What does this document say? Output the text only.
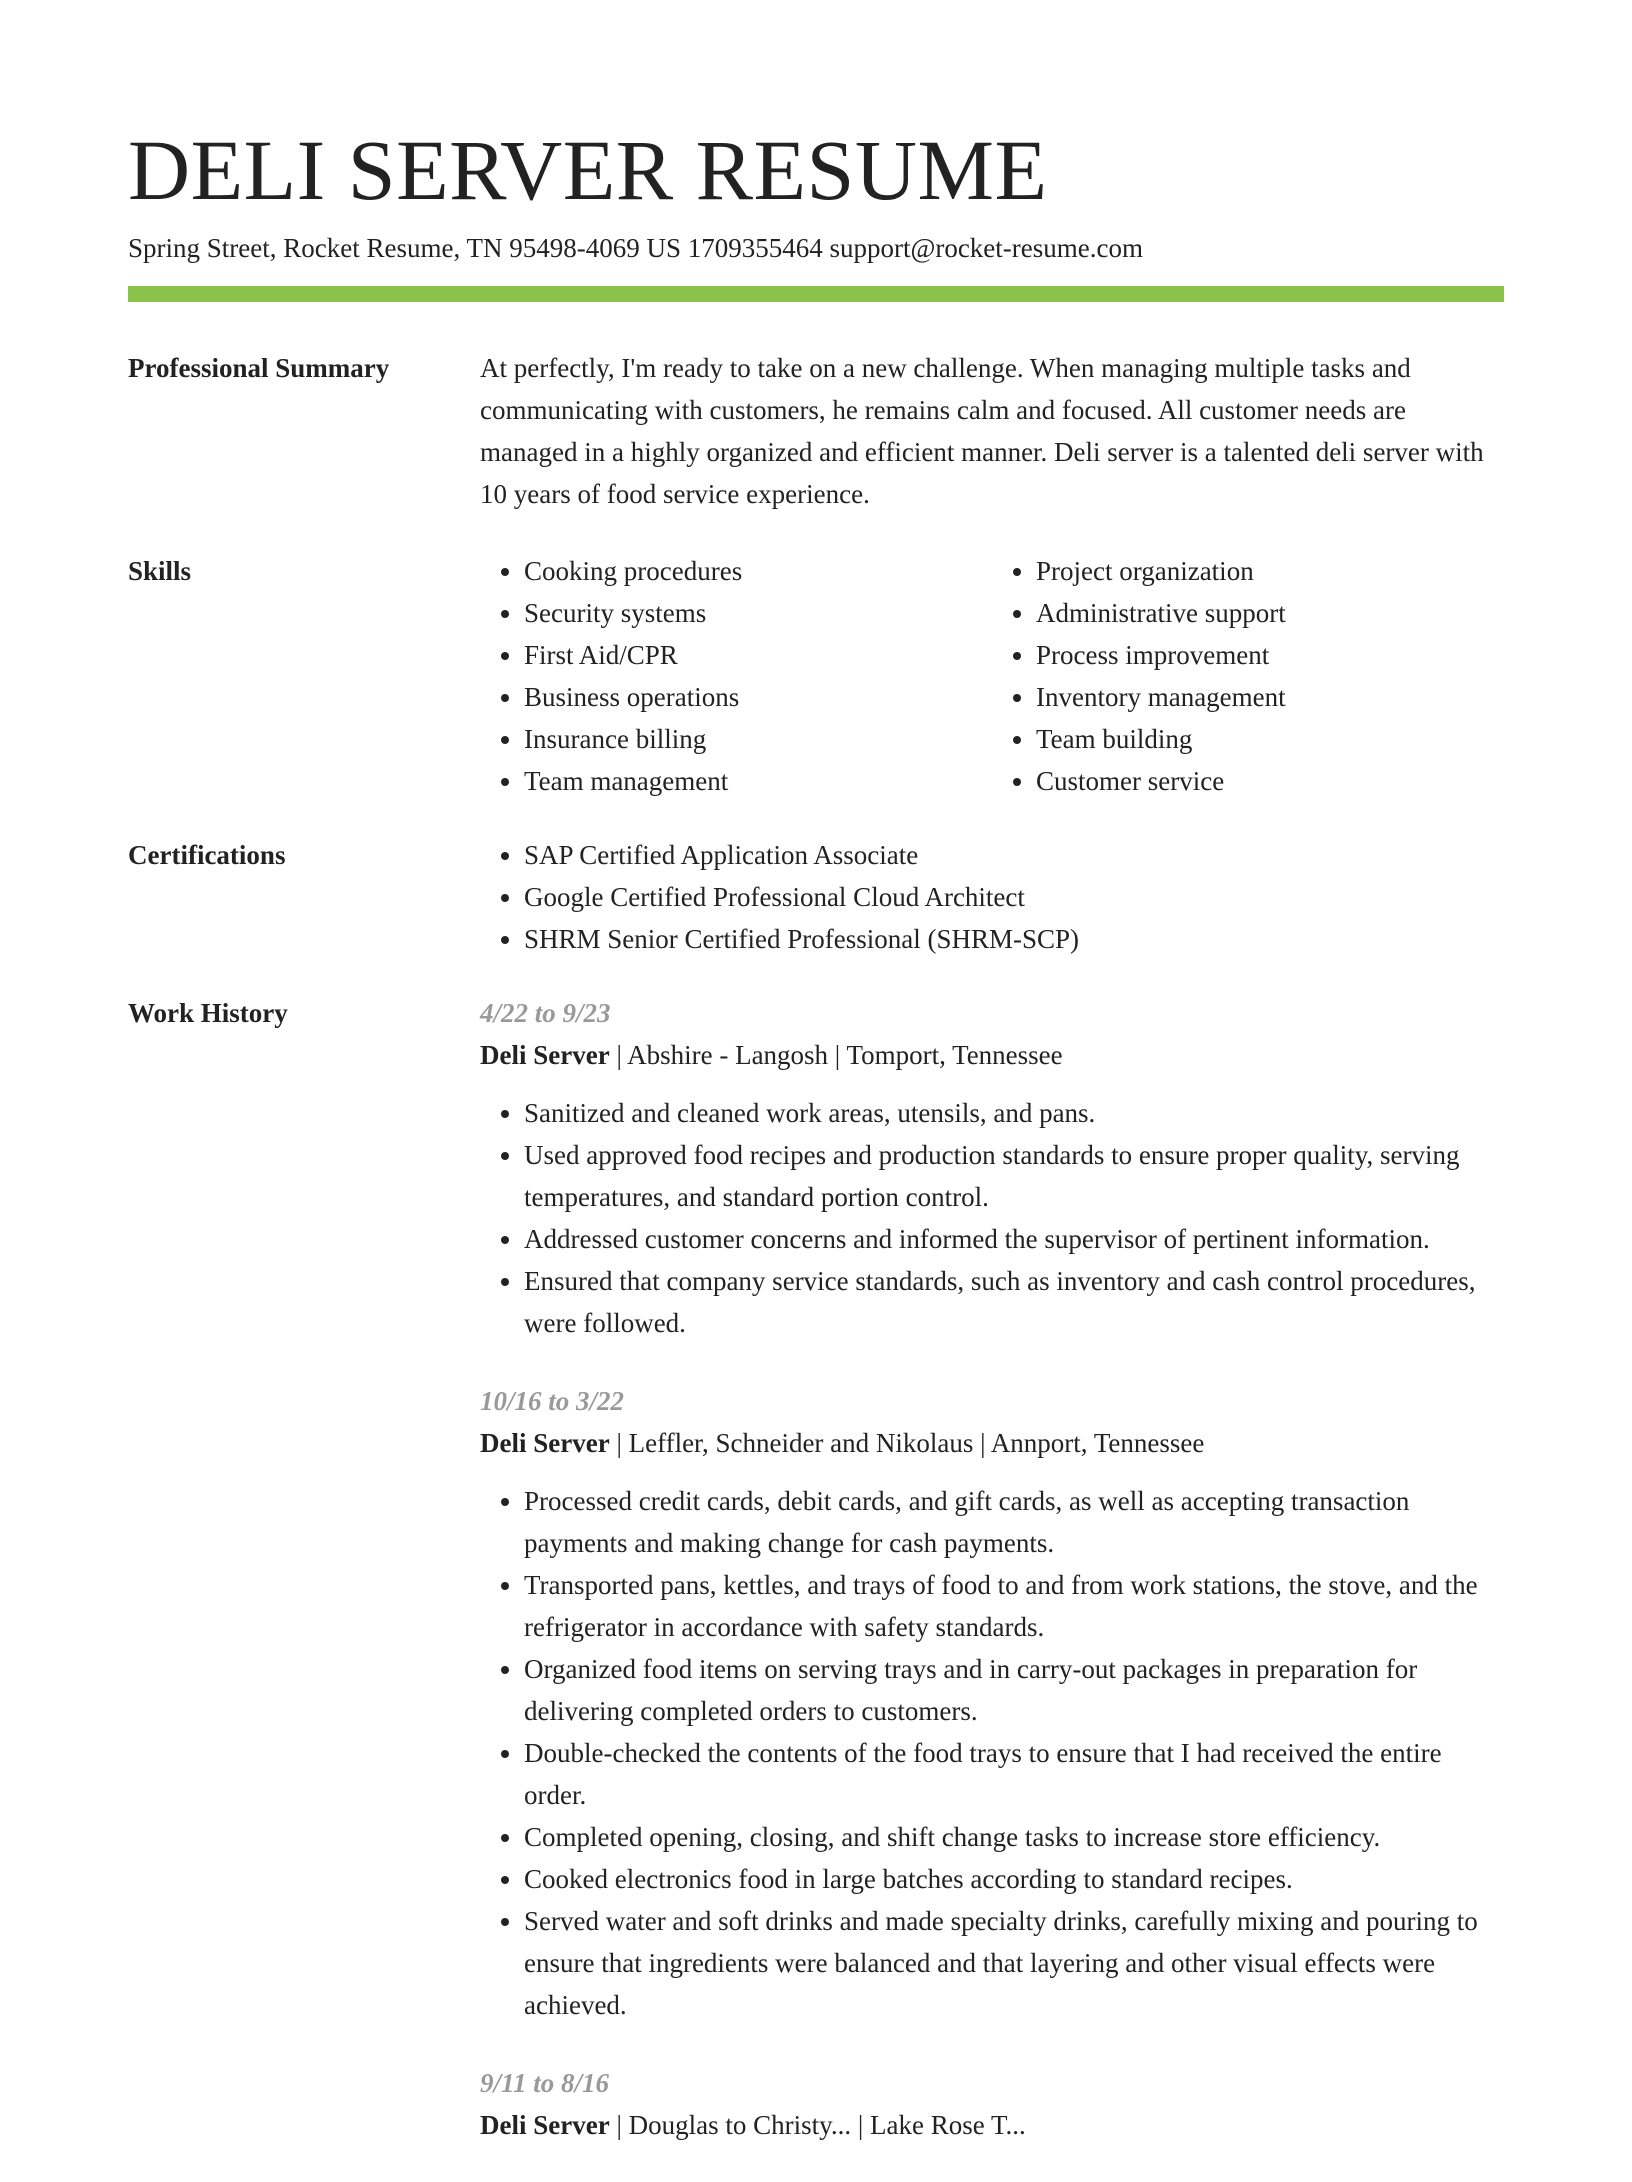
DELI SERVER RESUME
Spring Street, Rocket Resume, TN 95498-4069 US 1709355464 support@rocket-resume.com
Professional Summary	At perfectly, I'm ready to take on a new challenge. When managing multiple tasks and communicating with customers, he remains calm and focused. All customer needs are managed in a highly organized and efficient manner. Deli server is a talented deli server with 10 years of food service experience.

Skills	• Cooking procedures
• Security systems
• First Aid/CPR
• Business operations
• Insurance billing
• Team management
• Project organization
• Administrative support
• Process improvement
• Inventory management
• Team building
• Customer service
Certifications	• SAP Certified Application Associate
• Google Certified Professional Cloud Architect
• SHRM Senior Certified Professional (SHRM-SCP)
Work History	4/22 to 9/23
Deli Server | Abshire - Langosh | Tomport, Tennessee
• Sanitized and cleaned work areas, utensils, and pans.
• Used approved food recipes and production standards to ensure proper quality, serving temperatures, and standard portion control.
• Addressed customer concerns and informed the supervisor of pertinent information.
• Ensured that company service standards, such as inventory and cash control procedures, were followed.
10/16 to 3/22
Deli Server | Leffler, Schneider and Nikolaus | Annport, Tennessee
• Processed credit cards, debit cards, and gift cards, as well as accepting transaction payments and making change for cash payments.
• Transported pans, kettles, and trays of food to and from work stations, the stove, and the refrigerator in accordance with safety standards.
• Organized food items on serving trays and in carry-out packages in preparation for delivering completed orders to customers.
• Double-checked the contents of the food trays to ensure that I had received the entire order.
• Completed opening, closing, and shift change tasks to increase store efficiency.
• Cooked electronics food in large batches according to standard recipes.
• Served water and soft drinks and made specialty drinks, carefully mixing and pouring to ensure that ingredients were balanced and that layering and other visual effects were achieved.
9/11 to 8/16
Deli Server | Douglas to Christy... | Lake Rose T...
